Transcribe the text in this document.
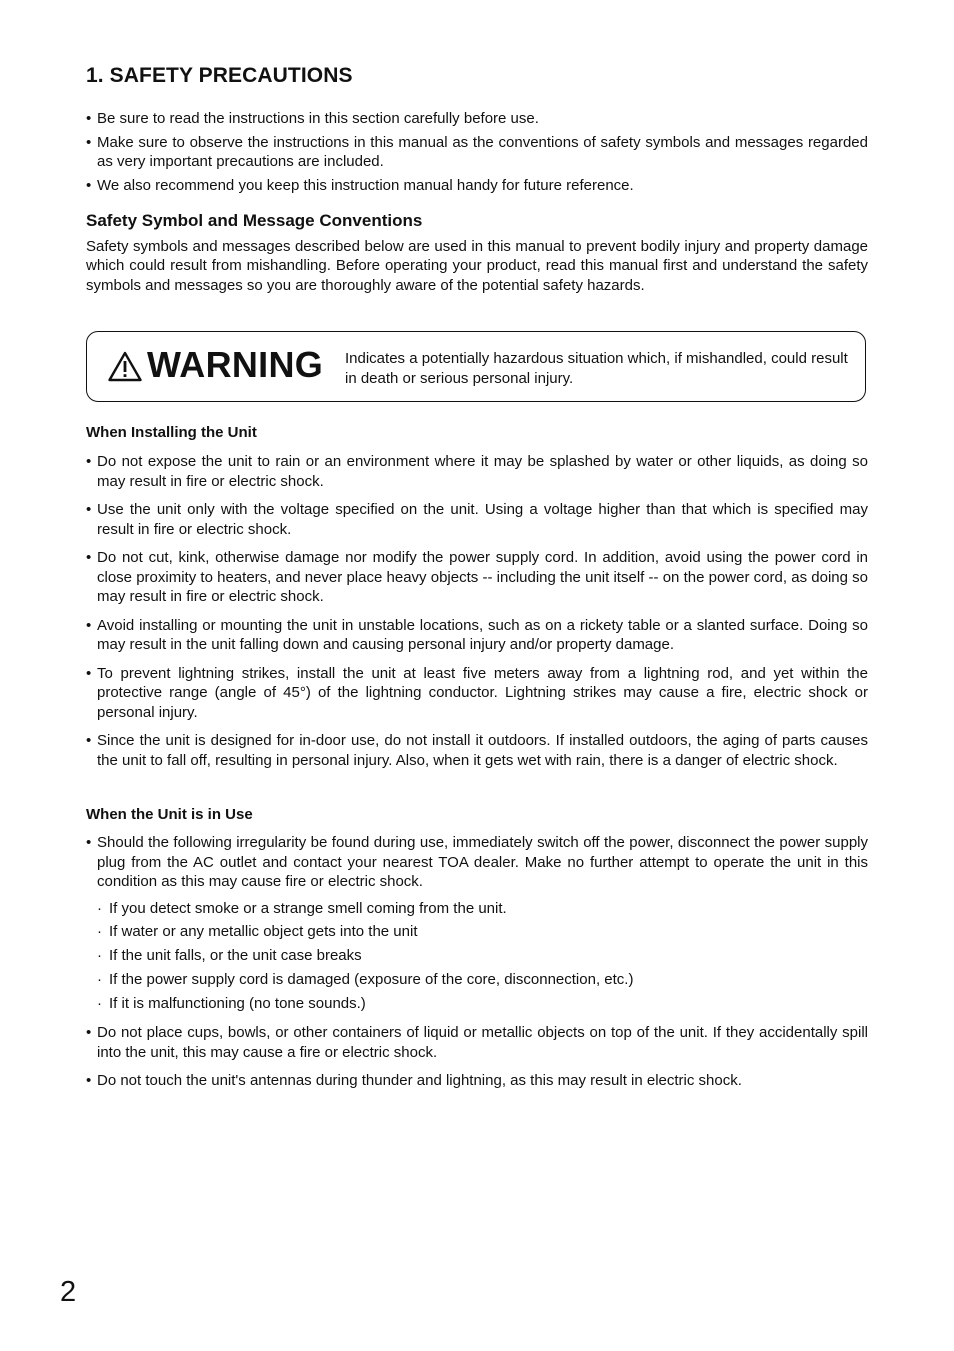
1. SAFETY PRECAUTIONS
• Be sure to read the instructions in this section carefully before use.
• Make sure to observe the instructions in this manual as the conventions of safety symbols and messages regarded as very important precautions are included.
• We also recommend you keep this instruction manual handy for future reference.
Safety Symbol and Message Conventions

Safety symbols and messages described below are used in this manual to prevent bodily injury and property damage which could result from mishandling. Before operating your product, read this manual first and understand the safety symbols and messages so you are thoroughly aware of the potential safety hazards.

WARNING Indicates a potentially hazardous situation which, if mishandled, could result in death or serious personal injury.
When Installing the Unit
• Do not expose the unit to rain or an environment where it may be splashed by water or other liquids, as doing so may result in fire or electric shock.
• Use the unit only with the voltage specified on the unit. Using a voltage higher than that which is specified may result in fire or electric shock.
• Do not cut, kink, otherwise damage nor modify the power supply cord. In addition, avoid using the power cord in close proximity to heaters, and never place heavy objects -- including the unit itself -- on the power cord, as doing so may result in fire or electric shock.
• Avoid installing or mounting the unit in unstable locations, such as on a rickety table or a slanted surface. Doing so may result in the unit falling down and causing personal injury and/or property damage.
• To prevent lightning strikes, install the unit at least five meters away from a lightning rod, and yet within the protective range (angle of 45°) of the lightning conductor. Lightning strikes may cause a fire, electric shock or personal injury.
• Since the unit is designed for in-door use, do not install it outdoors. If installed outdoors, the aging of parts causes the unit to fall off, resulting in personal injury. Also, when it gets wet with rain, there is a danger of electric shock.
When the Unit is in Use
• Should the following irregularity be found during use, immediately switch off the power, disconnect the power supply plug from the AC outlet and contact your nearest TOA dealer. Make no further attempt to operate the unit in this condition as this may cause fire or electric shock.
· If you detect smoke or a strange smell coming from the unit.
· If water or any metallic object gets into the unit
· If the unit falls, or the unit case breaks
· If the power supply cord is damaged (exposure of the core, disconnection, etc.)
· If it is malfunctioning (no tone sounds.)
• Do not place cups, bowls, or other containers of liquid or metallic objects on top of the unit. If they accidentally spill into the unit, this may cause a fire or electric shock.
• Do not touch the unit's antennas during thunder and lightning, as this may result in electric shock.
2
